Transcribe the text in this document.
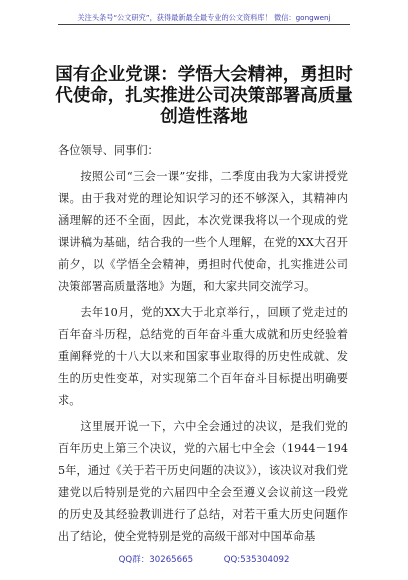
关注头条号“公文研究”，获得最新最全最专业的公文资料库！ 微信：gongwenj
国有企业党课：学悟大会精神，勇担时代使命，扎实推进公司决策部署高质量创造性落地

各位领导、同事们：

按照公司“三会一课”安排，二季度由我为大家讲授党课。由于我对党的理论知识学习的还不够深入，其精神内涵理解的还不全面，因此，本次党课我将以一个现成的党课讲稿为基础，结合我的一些个人理解，在党的XX大召开前夕，以《学悟全会精神，勇担时代使命，扎实推进公司决策部署高质量落地》为题，和大家共同交流学习。

去年10月，党的XX大于北京举行，，回顾了党走过的百年奋斗历程，总结党的百年奋斗重大成就和历史经验着重阐释党的十八大以来和国家事业取得的历史性成就、发生的历史性变革，对实现第二个百年奋斗目标提出明确要求。

这里展开说一下，六中全会通过的决议，是我们党的百年历史上第三个决议，党的六届七中全会（1944－1945年，通过《关于若干历史问题的决议》），该决议对我们党建党以后特别是党的六届四中全会至遵义会议前这一段党的历史及其经验教训进行了总结，对若干重大历史问题作出了结论，使全党特别是党的高级干部对中国革命基

QQ群：30265665	QQ:535304092
